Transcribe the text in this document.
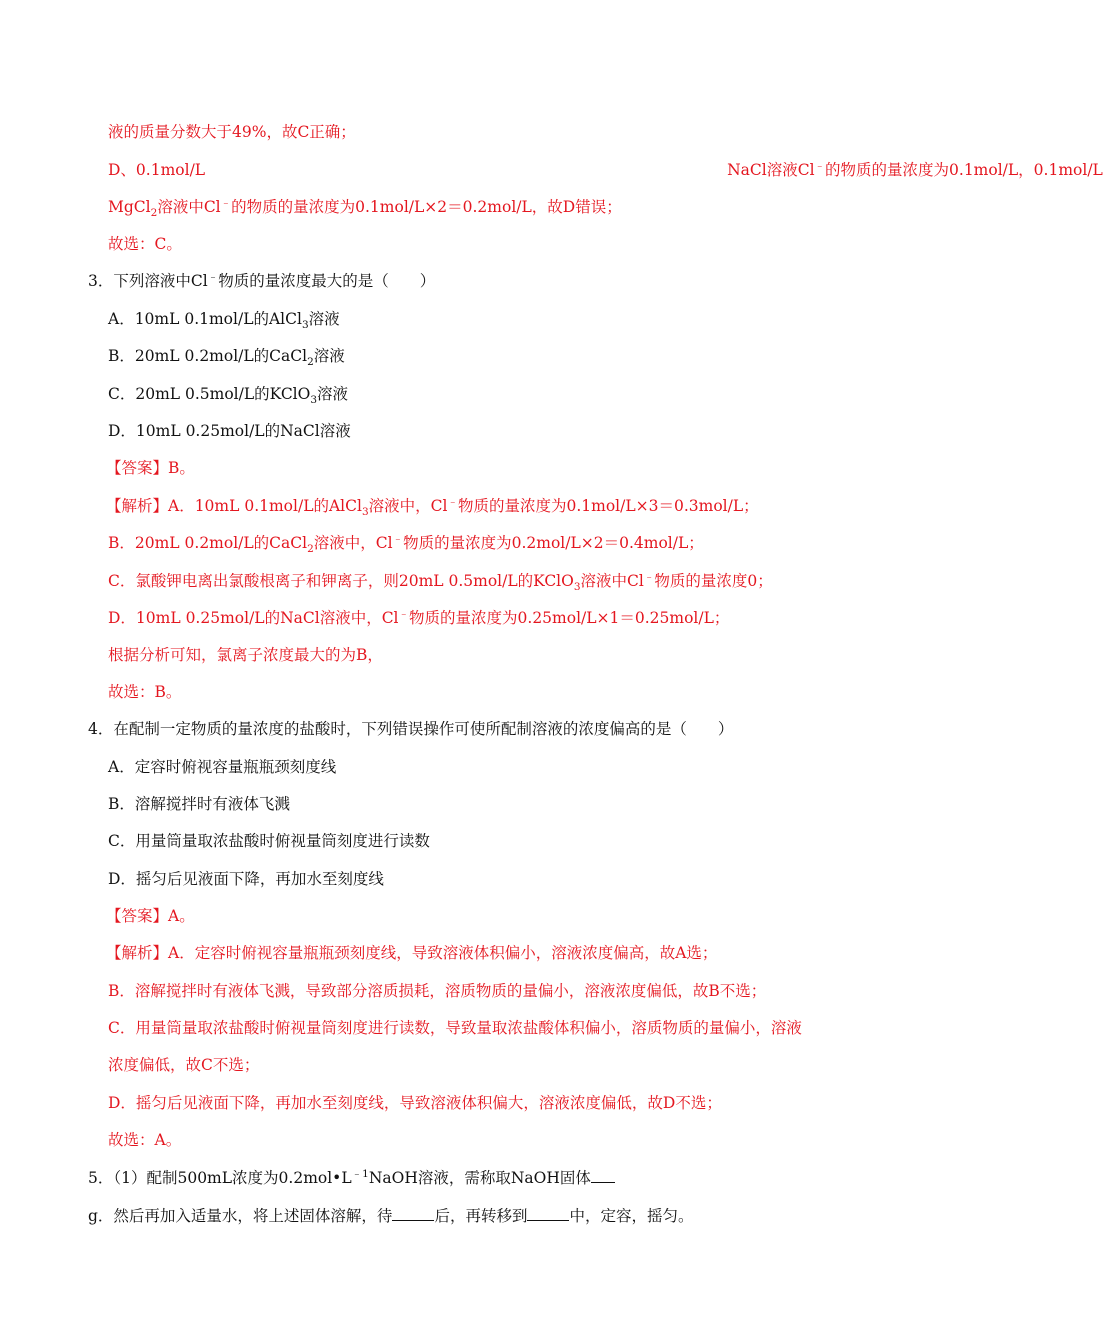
液的质量分数大于49%，故C正确；
D、0.1mol/L	NaCl溶液Cl﹣的物质的量浓度为0.1mol/L，0.1mol/L
MgCl$_2$溶液中Cl﹣的物质的量浓度为0.1mol/L×2＝0.2mol/L，故D错误；
故选：C。
3．下列溶液中Cl﹣物质的量浓度最大的是（　　）
A．10mL 0.1mol/L的AlCl$_3$溶液
B．20mL 0.2mol/L的CaCl$_2$溶液
C．20mL 0.5mol/L的KClO$_3$溶液
D．10mL 0.25mol/L的NaCl溶液
【答案】B。
【解析】A．10mL 0.1mol/L的AlCl$_3$溶液中，Cl﹣物质的量浓度为0.1mol/L×3＝0.3mol/L；
B．20mL 0.2mol/L的CaCl$_2$溶液中，Cl﹣物质的量浓度为0.2mol/L×2＝0.4mol/L；
C．氯酸钾电离出氯酸根离子和钾离子，则20mL 0.5mol/L的KClO$_3$溶液中Cl﹣物质的量浓度0；
D．10mL 0.25mol/L的NaCl溶液中，Cl﹣物质的量浓度为0.25mol/L×1＝0.25mol/L；
根据分析可知，氯离子浓度最大的为B，
故选：B。
4．在配制一定物质的量浓度的盐酸时，下列错误操作可使所配制溶液的浓度偏高的是（　　）
A．定容时俯视容量瓶瓶颈刻度线
B．溶解搅拌时有液体飞溅
C．用量筒量取浓盐酸时俯视量筒刻度进行读数
D．摇匀后见液面下降，再加水至刻度线
【答案】A。
【解析】A．定容时俯视容量瓶瓶颈刻度线，导致溶液体积偏小，溶液浓度偏高，故A选；
B．溶解搅拌时有液体飞溅，导致部分溶质损耗，溶质物质的量偏小，溶液浓度偏低，故B不选；
C．用量筒量取浓盐酸时俯视量筒刻度进行读数，导致量取浓盐酸体积偏小，溶质物质的量偏小，溶液
浓度偏低，故C不选；
D．摇匀后见液面下降，再加水至刻度线，导致溶液体积偏大，溶液浓度偏低，故D不选；
故选：A。
5．（1）配制500mL浓度为$0.2mol•L^{﹣1}NaOH$溶液，需称取NaOH固体
g．然后再加入适量水，将上述固体溶解，待	后，再转移到	中，定容，摇匀。
